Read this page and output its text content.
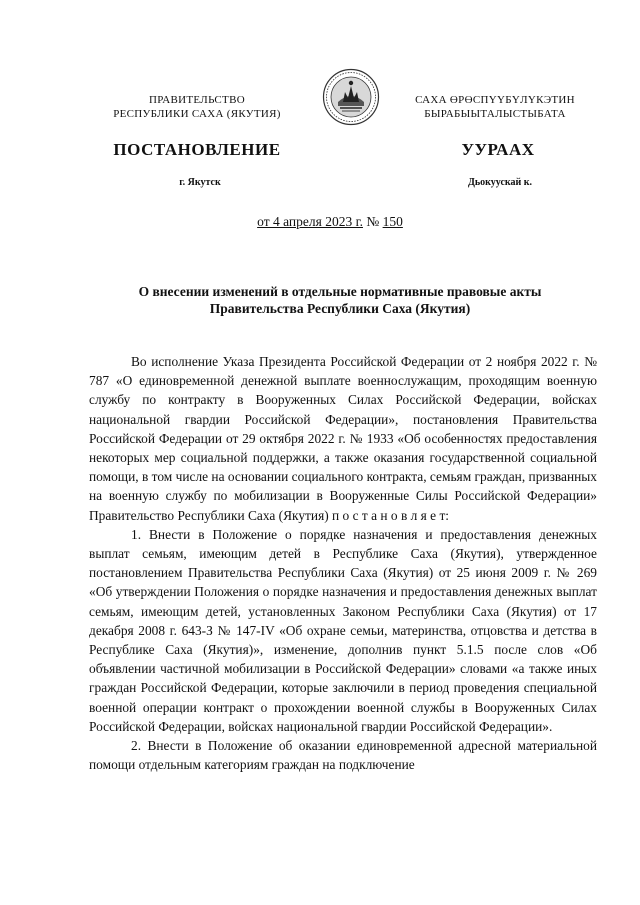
ПРАВИТЕЛЬСТВО
РЕСПУБЛИКИ САХА (ЯКУТИЯ)
САХА ӨРӨСПYYБYЛYКЭТИН
БЫРАБЫЫТАЛЫСТЫБАТА
ПОСТАНОВЛЕНИЕ	УУРААХ
г. Якутск	Дьокуускай к.
от 4 апреля 2023 г. № 150
О внесении изменений в отдельные нормативные правовые акты
Правительства Республики Саха (Якутия)

Во исполнение Указа Президента Российской Федерации от 2 ноября 2022 г. № 787 «О единовременной денежной выплате военнослужащим, проходящим военную службу по контракту в Вооруженных Силах Российской Федерации, войсках национальной гвардии Российской Федерации», постановления Правительства Российской Федерации от 29 октября 2022 г. № 1933 «Об особенностях предоставления некоторых мер социальной поддержки, а также оказания государственной социальной помощи, в том числе на основании социального контракта, семьям граждан, призванных на военную службу по мобилизации в Вооруженные Силы Российской Федерации» Правительство Республики Саха (Якутия) п о с т а н о в л я е т:

1. Внести в Положение о порядке назначения и предоставления денежных выплат семьям, имеющим детей в Республике Саха (Якутия), утвержденное постановлением Правительства Республики Саха (Якутия) от 25 июня 2009 г. № 269 «Об утверждении Положения о порядке назначения и предоставления денежных выплат семьям, имеющим детей, установленных Законом Республики Саха (Якутия) от 17 декабря 2008 г. 643-З № 147-IV «Об охране семьи, материнства, отцовства и детства в Республике Саха (Якутия)», изменение, дополнив пункт 5.1.5 после слов «Об объявлении частичной мобилизации в Российской Федерации» словами «а также иных граждан Российской Федерации, которые заключили в период проведения специальной военной операции контракт о прохождении военной службы в Вооруженных Силах Российской Федерации, войсках национальной гвардии Российской Федерации».

2. Внести в Положение об оказании единовременной адресной материальной помощи отдельным категориям граждан на подключение
